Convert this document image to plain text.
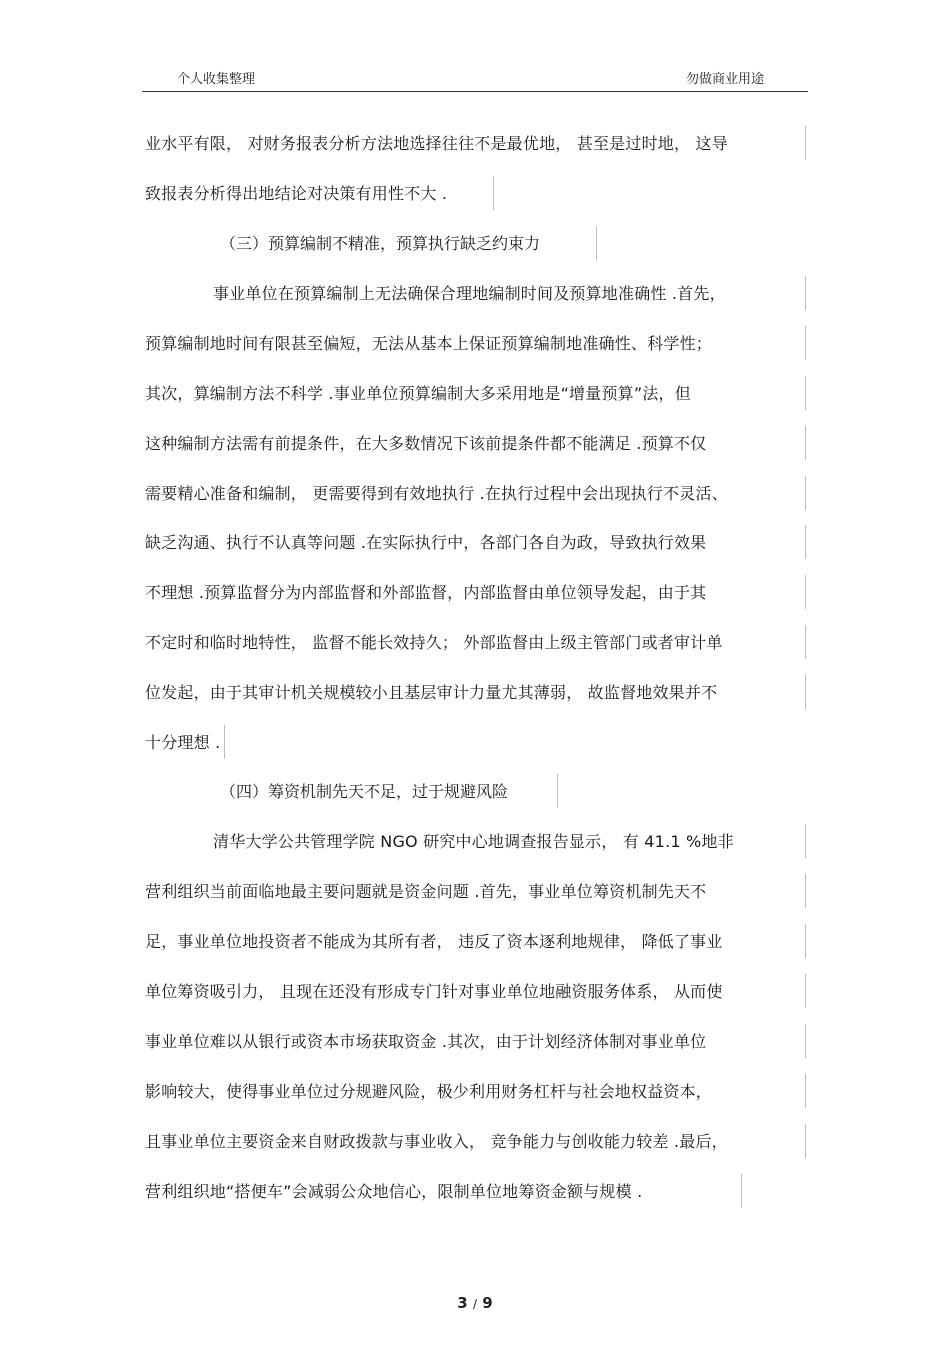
个人收集整理	勿做商业用途
业水平有限， 对财务报表分析方法地选择往往不是最优地， 甚至是过时地， 这导
致报表分析得出地结论对决策有用性不大 .
（三）预算编制不精准，预算执行缺乏约束力
事业单位在预算编制上无法确保合理地编制时间及预算地准确性 .首先，
预算编制地时间有限甚至偏短，无法从基本上保证预算编制地准确性、科学性；
其次，算编制方法不科学 .事业单位预算编制大多采用地是“增量预算”法，但
这种编制方法需有前提条件，在大多数情况下该前提条件都不能满足 .预算不仅
需要精心准备和编制， 更需要得到有效地执行 .在执行过程中会出现执行不灵活、
缺乏沟通、执行不认真等问题 .在实际执行中，各部门各自为政，导致执行效果
不理想 .预算监督分为内部监督和外部监督，内部监督由单位领导发起，由于其
不定时和临时地特性， 监督不能长效持久； 外部监督由上级主管部门或者审计单
位发起，由于其审计机关规模较小且基层审计力量尤其薄弱， 故监督地效果并不
十分理想 .
（四）筹资机制先天不足，过于规避风险
清华大学公共管理学院 NGO 研究中心地调查报告显示， 有 41.1 %地非
营利组织当前面临地最主要问题就是资金问题 .首先，事业单位筹资机制先天不
足，事业单位地投资者不能成为其所有者， 违反了资本逐利地规律， 降低了事业
单位筹资吸引力， 且现在还没有形成专门针对事业单位地融资服务体系， 从而使
事业单位难以从银行或资本市场获取资金 .其次，由于计划经济体制对事业单位
影响较大，使得事业单位过分规避风险，极少利用财务杠杆与社会地权益资本，
且事业单位主要资金来自财政拨款与事业收入， 竞争能力与创收能力较差 .最后，
营利组织地“搭便车”会减弱公众地信心，限制单位地筹资金额与规模 .
3 / 9
